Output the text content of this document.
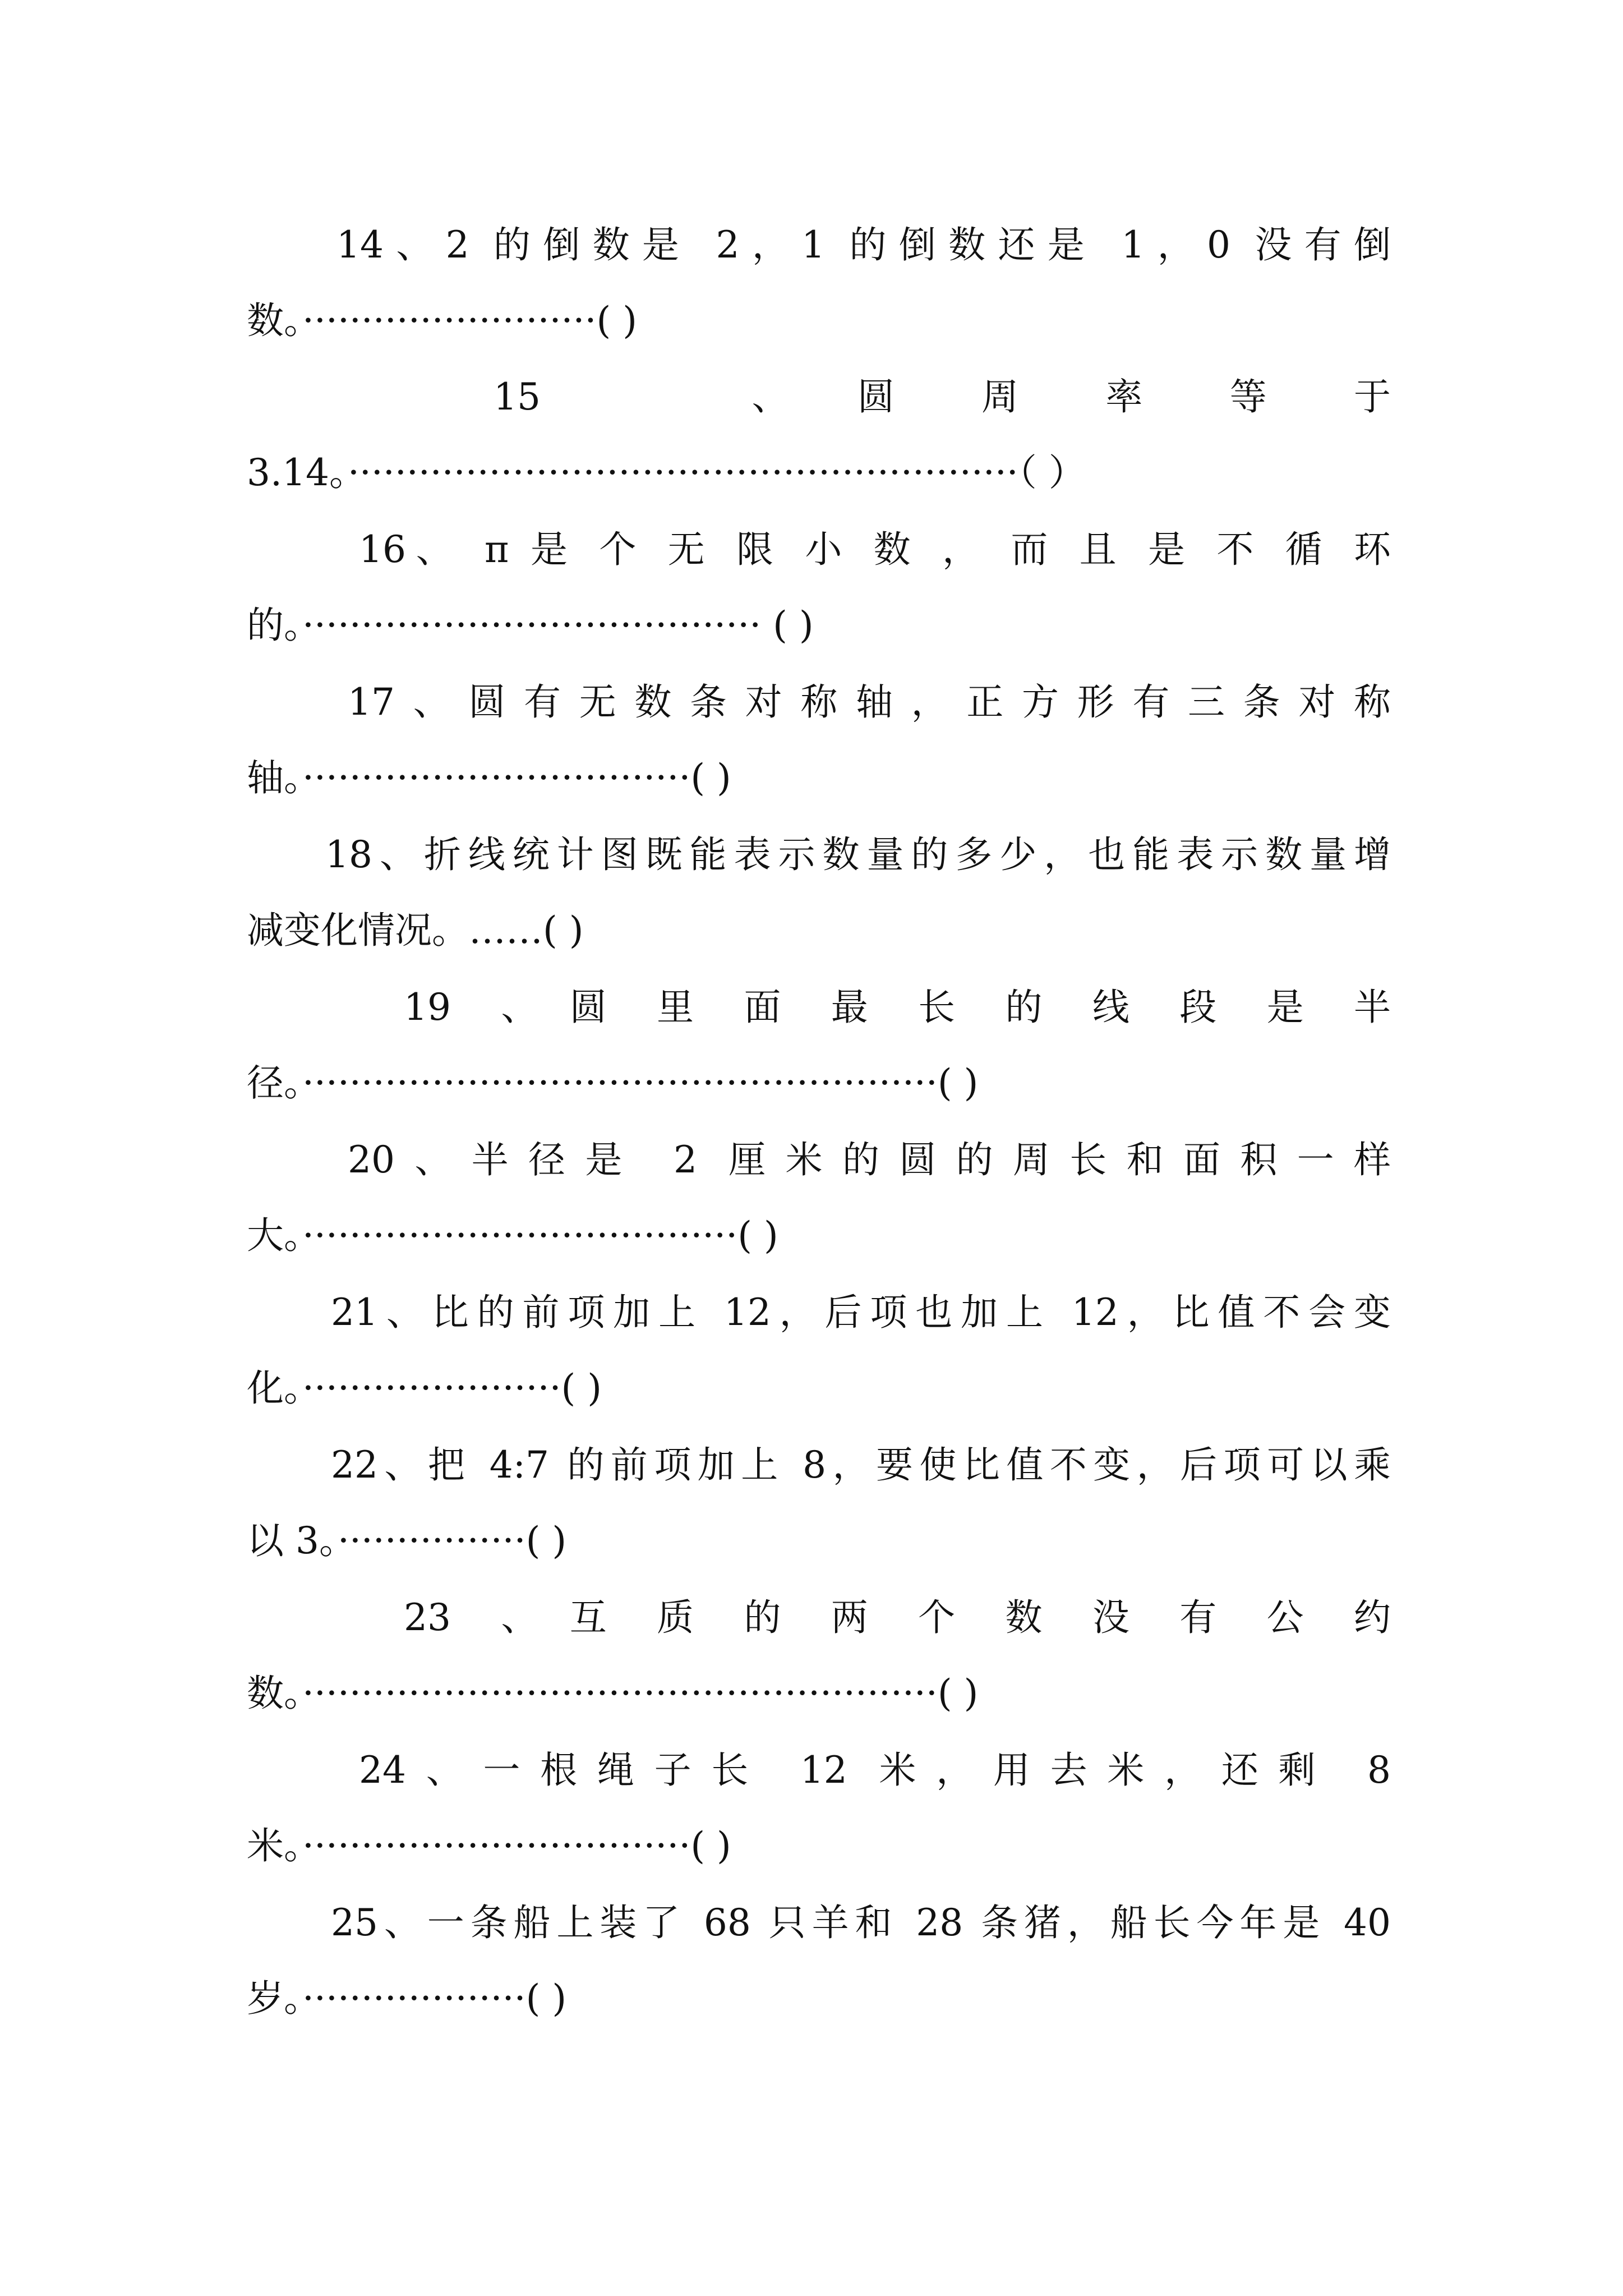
14、2 的倒数是 2，1 的倒数还是 1，0 没有倒
数。·························( )
15　　　、　圆　周　率　等　于
3.14。·························································（ ）
16、 π 是 个 无 限 小 数 ， 而 且 是 不 循 环
的。······································· ( )
17、圆有无数条对称轴，正方形有三条对称
轴。·································( )
18、折线统计图既能表示数量的多少，也能表示数量增
减变化情况。……( )
19　、　圆　里　面　最　长　的　线　段　是　半
径。······················································( )
20、半径是 2 厘米的圆的周长和面积一样
大。·····································( )
21、比的前项加上 12，后项也加上 12，比值不会变
化。······················( )
22、把 4:7 的前项加上 8，要使比值不变，后项可以乘
以 3。················( )
23　、　互　质　的　两　个　数　没　有　公　约
数。······················································( )
24、一根绳子长 12 米，用去米，还剩 8
米。·································( )
25、一条船上装了 68 只羊和 28 条猪，船长今年是 40
岁。···················( )
